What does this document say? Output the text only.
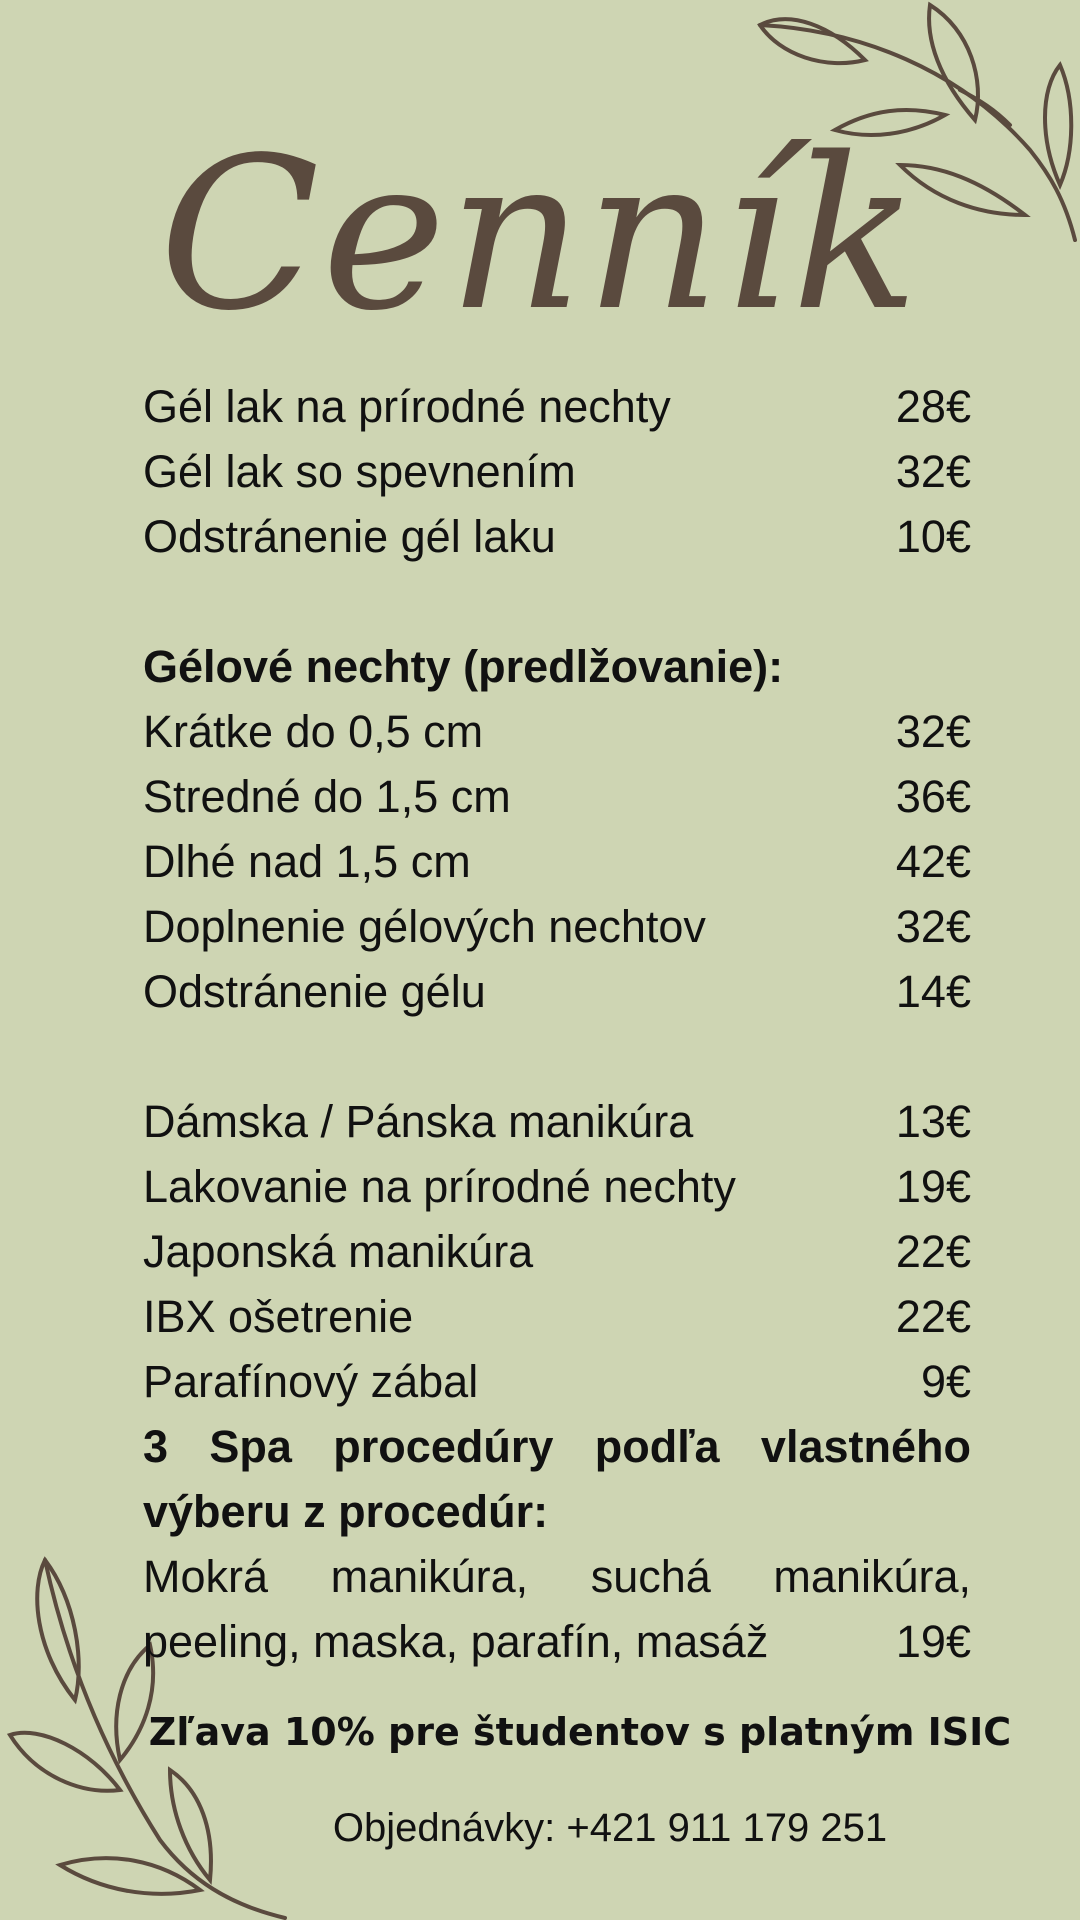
Cenník
Gél lak na prírodné nechty	28€
Gél lak so spevnením	32€
Odstránenie gél laku	10€
Gélové nechty (predlžovanie):
Krátke do 0,5 cm	32€
Stredné do 1,5 cm	36€
Dlhé nad 1,5 cm	42€
Doplnenie gélových nechtov	32€
Odstránenie gélu	14€
Dámska / Pánska manikúra	13€
Lakovanie na prírodné nechty	19€
Japonská manikúra	22€
IBX ošetrenie	22€
Parafínový zábal	9€
3 Spa procedúry podľa vlastného výberu z procedúr:
Mokrá manikúra, suchá manikúra,
peeling, maska, parafín, masáž	19€
Zľava 10% pre študentov s platným ISIC
Objednávky: +421 911 179 251
